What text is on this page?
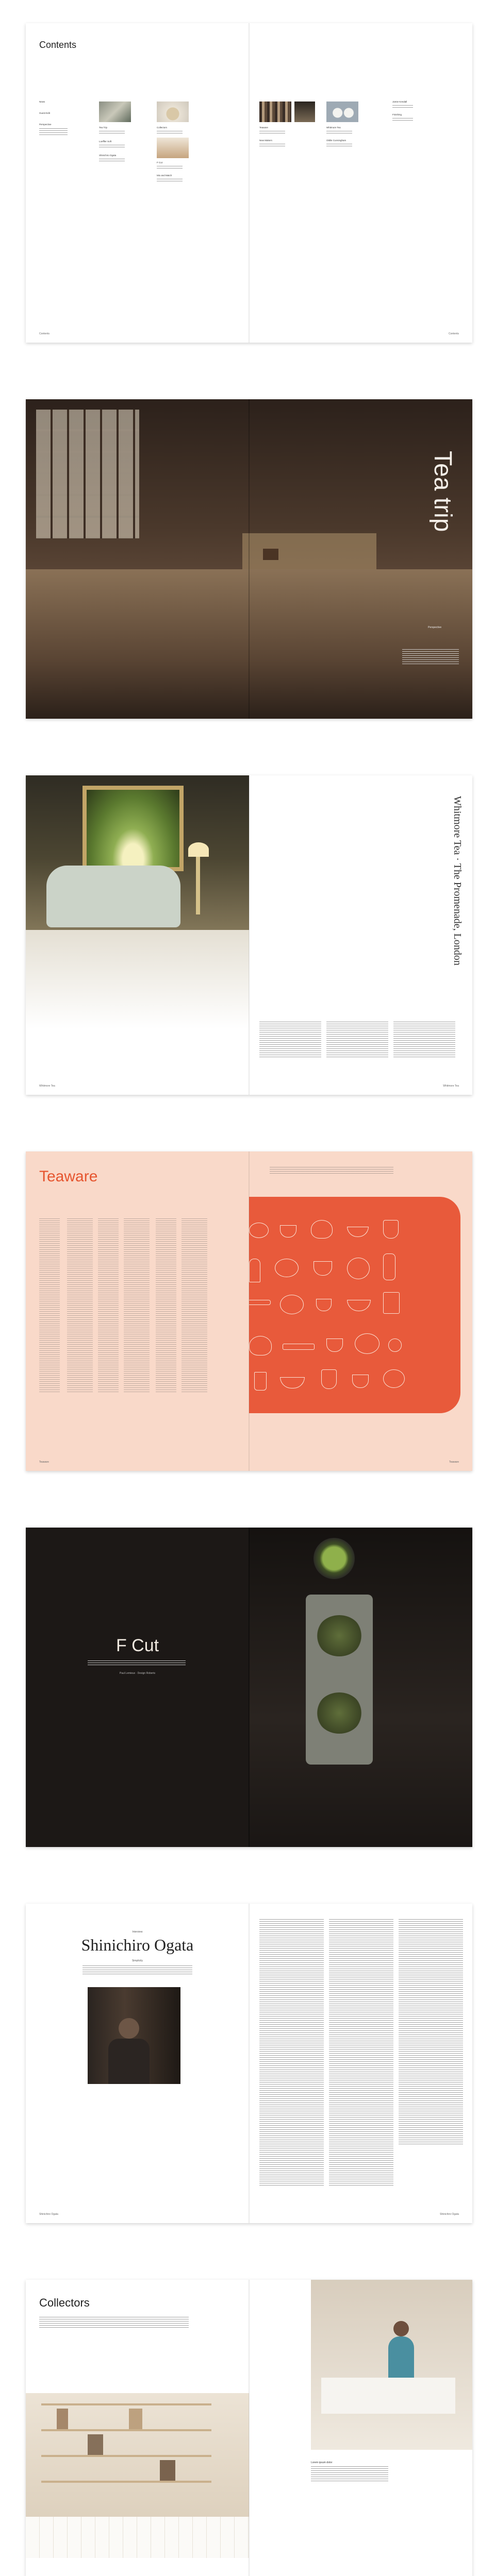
Contents
News
Guest Edit
Perspective
Tea Trip
Loeffler Soft
Shinichiro Ogata
Collectors
F Cut
Mix and Match
Contents
Teaware
New Makers
Whitmore Tea
Ottilie Cunningham
Jamie Kendall
Finishing
Contents
Tea trip
Perspective
Whitmore Tea
Whitmore Tea · The Promenade, London
Whitmore Tea
Teaware
Teaware	Teaware
F Cut
Paul Lemieux · Design Roberts
Interview
Shinichiro Ogata
Simplicity
Shinichiro Ogata	Shinichiro Ogata
Collectors
Lorem ipsum dolor
